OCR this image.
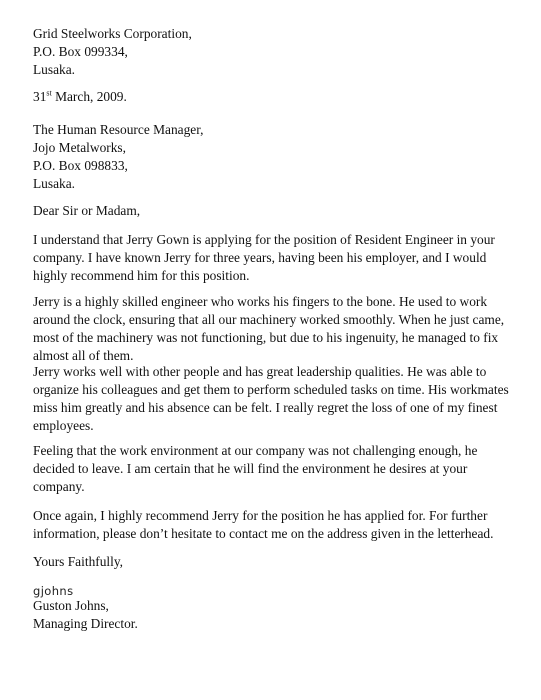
Grid Steelworks Corporation,
P.O. Box 099334,
Lusaka.
31st March, 2009.
The Human Resource Manager,
Jojo Metalworks,
P.O. Box 098833,
Lusaka.
Dear Sir or Madam,
I understand that Jerry Gown is applying for the position of Resident Engineer in your
company. I have known Jerry for three years, having been his employer, and I would
highly recommend him for this position.
Jerry is a highly skilled engineer who works his fingers to the bone. He used to work
around the clock, ensuring that all our machinery worked smoothly. When he just came,
most of the machinery was not functioning, but due to his ingenuity, he managed to fix
almost all of them.
Jerry works well with other people and has great leadership qualities. He was able to
organize his colleagues and get them to perform scheduled tasks on time. His workmates
miss him greatly and his absence can be felt. I really regret the loss of one of my finest
employees.
Feeling that the work environment at our company was not challenging enough, he
decided to leave. I am certain that he will find the environment he desires at your
company.
Once again, I highly recommend Jerry for the position he has applied for. For further
information, please don’t hesitate to contact me on the address given in the letterhead.
Yours Faithfully,
gjohns
Guston Johns,
Managing Director.
